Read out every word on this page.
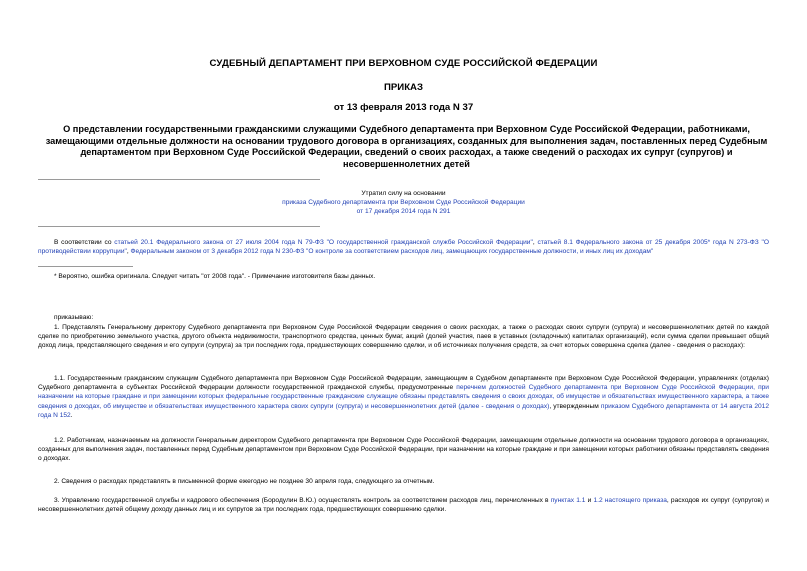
СУДЕБНЫЙ ДЕПАРТАМЕНТ ПРИ ВЕРХОВНОМ СУДЕ РОССИЙСКОЙ ФЕДЕРАЦИИ
ПРИКАЗ
от 13 февраля 2013 года N 37
О представлении государственными гражданскими служащими Судебного департамента при Верховном Суде Российской Федерации, работниками, замещающими отдельные должности на основании трудового договора в организациях, созданных для выполнения задач, поставленных перед Судебным департаментом при Верховном Суде Российской Федерации, сведений о своих расходах, а также сведений о расходах их супруг (супругов) и несовершеннолетних детей
Утратил силу на основании
приказа Судебного департамента при Верховном Суде Российской Федерации
от 17 декабря 2014 года N 291
В соответствии со статьей 20.1 Федерального закона от 27 июля 2004 года N 79-ФЗ "О государственной гражданской службе Российской Федерации", статьей 8.1 Федерального закона от 25 декабря 2005* года N 273-ФЗ "О противодействии коррупции", Федеральным законом от 3 декабря 2012 года N 230-ФЗ "О контроле за соответствием расходов лиц, замещающих государственные должности, и иных лиц их доходам"
* Вероятно, ошибка оригинала. Следует читать "от 2008 года". - Примечание изготовителя базы данных.
приказываю:
1. Представлять Генеральному директору Судебного департамента при Верховном Суде Российской Федерации сведения о своих расходах, а также о расходах своих супруги (супруга) и несовершеннолетних детей по каждой сделке по приобретению земельного участка, другого объекта недвижимости, транспортного средства, ценных бумаг, акций (долей участия, паев в уставных (складочных) капиталах организаций), если сумма сделки превышает общий доход лица, представляющего сведения и его супруги (супруга) за три последних года, предшествующих совершению сделки, и об источниках получения средств, за счет которых совершена сделка (далее - сведения о расходах):
1.1. Государственным гражданским служащим Судебного департамента при Верховном Суде Российской Федерации, замещающим в Судебном департаменте при Верховном Суде Российской Федерации, управлениях (отделах) Судебного департамента в субъектах Российской Федерации должности государственной гражданской службы, предусмотренные перечнем должностей Судебного департамента при Верховном Суде Российской Федерации, при назначении на которые граждане и при замещении которых федеральные государственные гражданские служащие обязаны представлять сведения о своих доходах, об имуществе и обязательствах имущественного характера, а также сведения о доходах, об имуществе и обязательствах имущественного характера своих супруги (супруга) и несовершеннолетних детей (далее - сведения о доходах), утвержденным приказом Судебного департамента от 14 августа 2012 года N 152.
1.2. Работникам, назначаемым на должности Генеральным директором Судебного департамента при Верховном Суде Российской Федерации, замещающим отдельные должности на основании трудового договора в организациях, созданных для выполнения задач, поставленных перед Судебным департаментом при Верховном Суде Российской Федерации, при назначении на которые граждане и при замещении которых работники обязаны представлять сведения о доходах.
2. Сведения о расходах представлять в письменной форме ежегодно не позднее 30 апреля года, следующего за отчетным.
3. Управлению государственной службы и кадрового обеспечения (Бородулин В.Ю.) осуществлять контроль за соответствием расходов лиц, перечисленных в пунктах 1.1 и 1.2 настоящего приказа, расходов их супруг (супругов) и несовершеннолетних детей общему доходу данных лиц и их супругов за три последних года, предшествующих совершению сделки.
